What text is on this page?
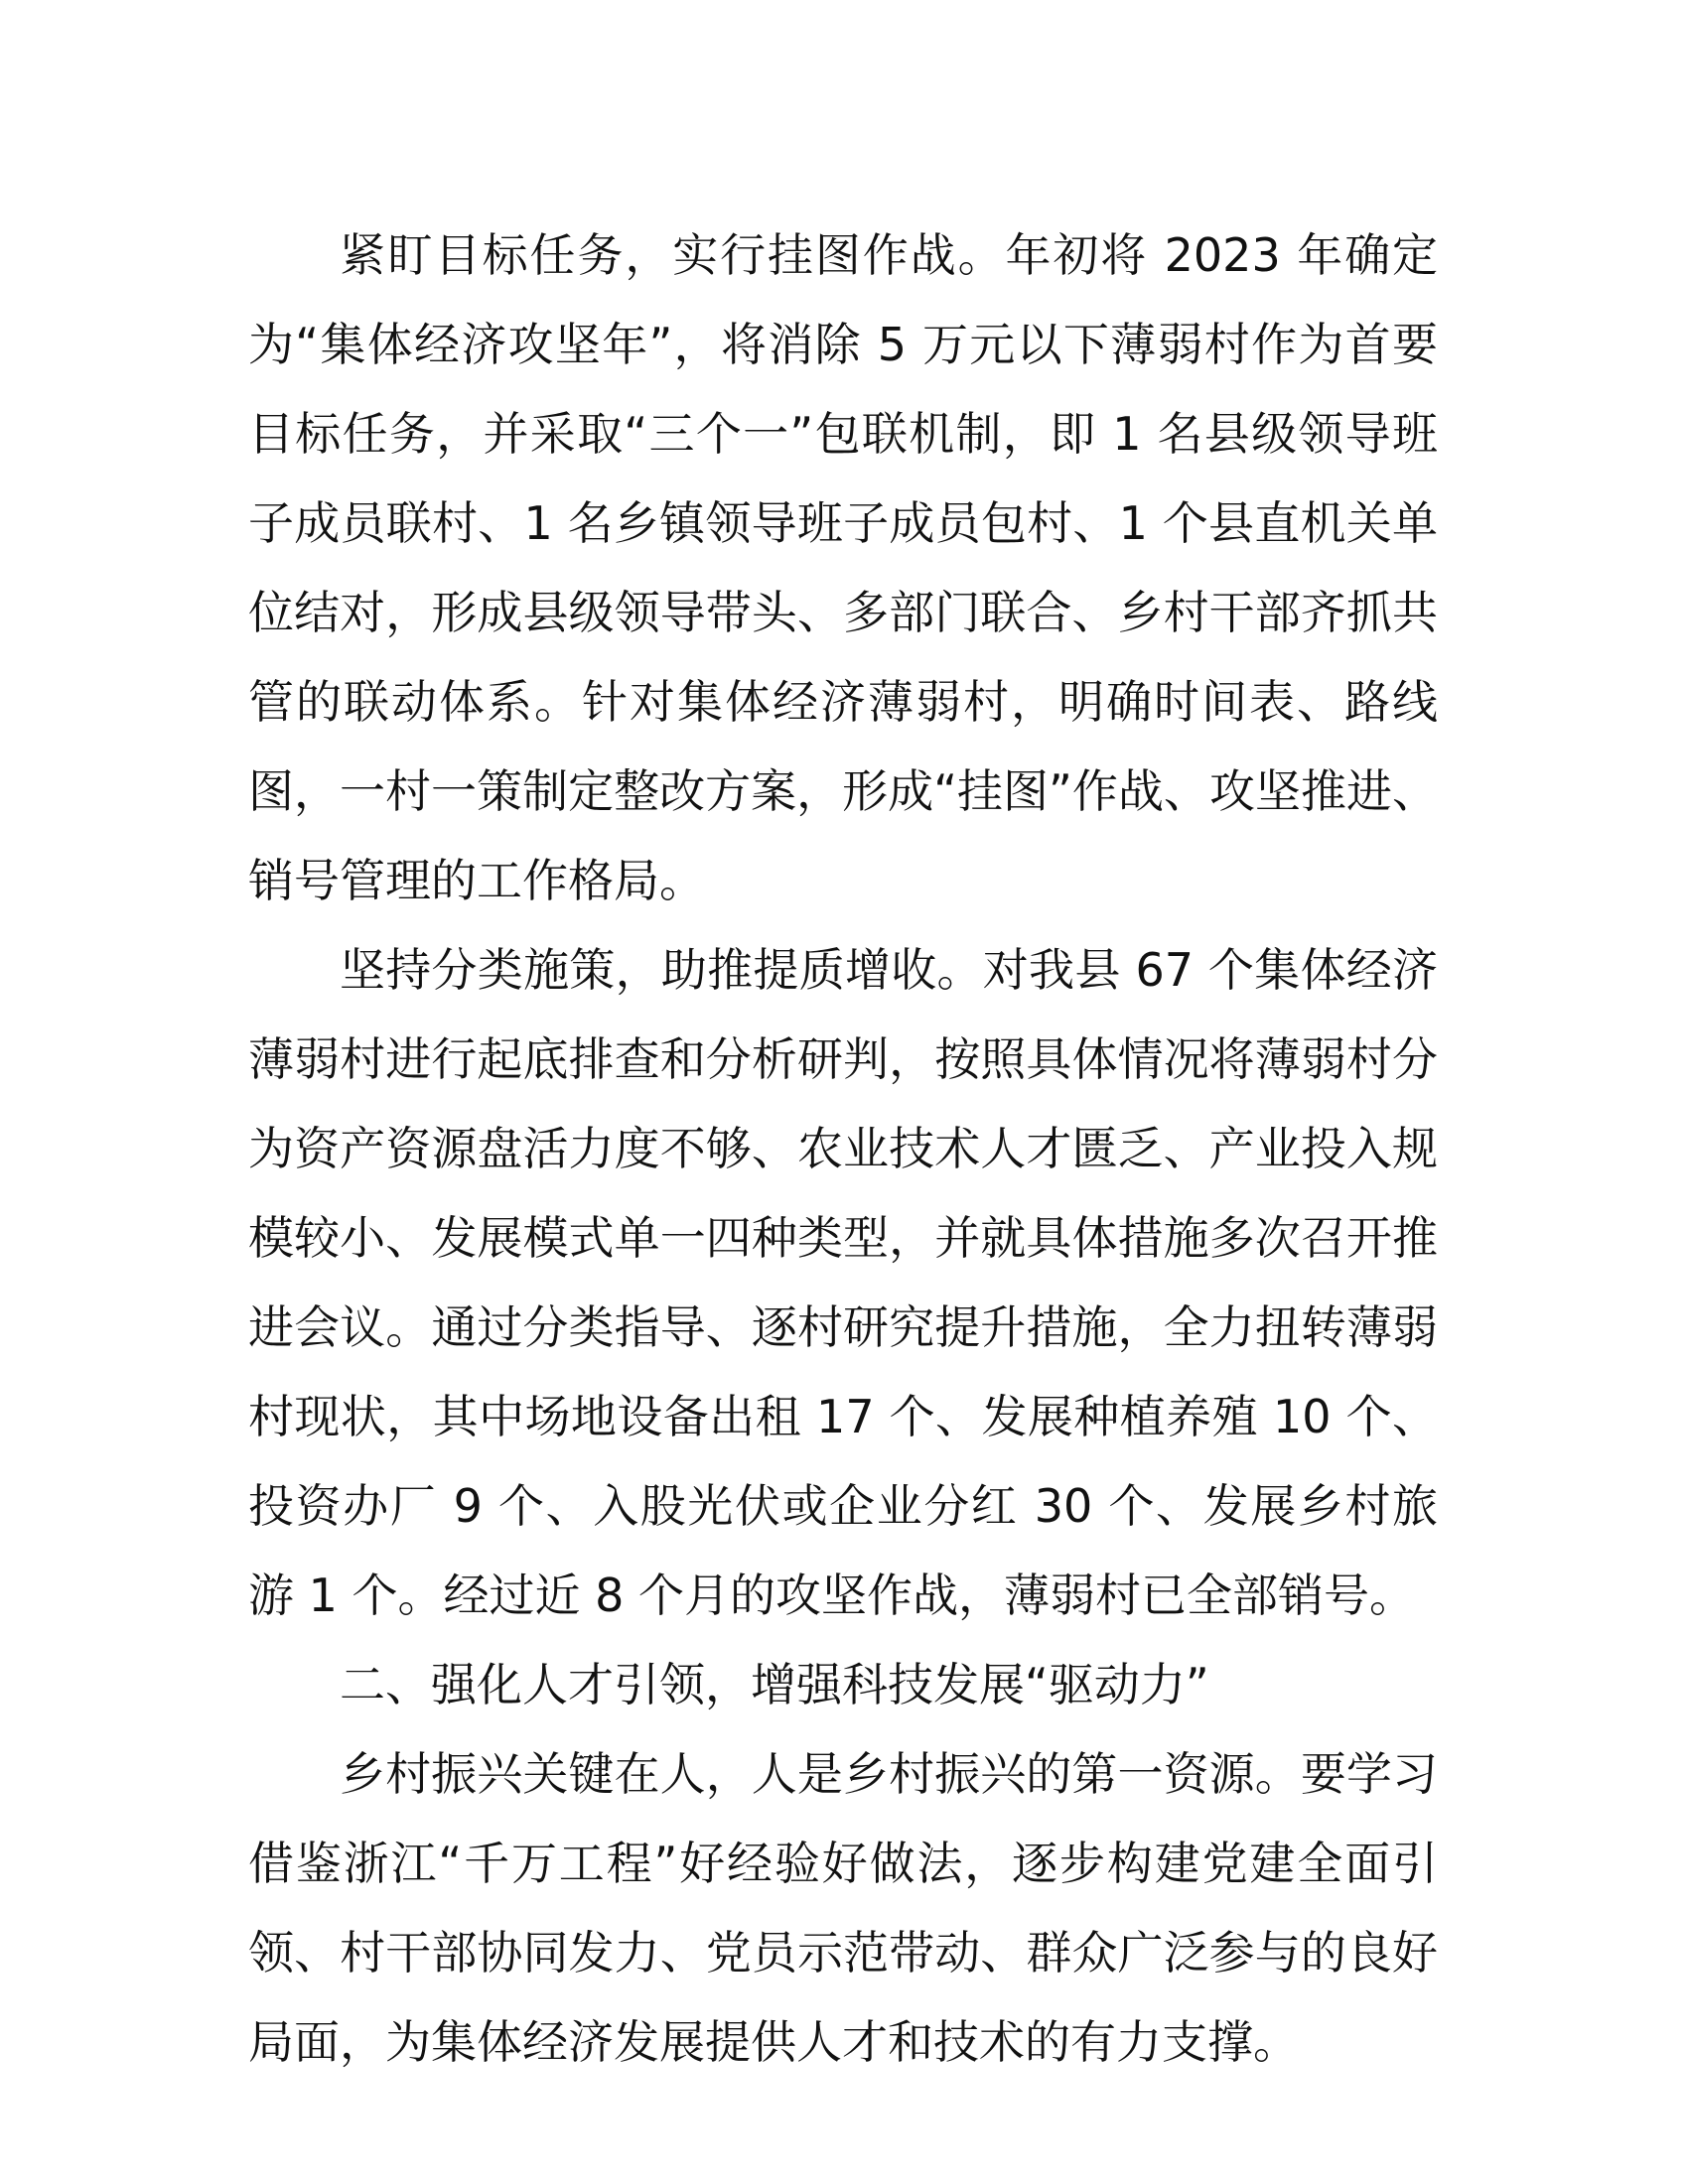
紧盯目标任务，实行挂图作战。年初将 2023 年确定为“集体经济攻坚年”，将消除 5 万元以下薄弱村作为首要目标任务，并采取“三个一”包联机制，即 1 名县级领导班子成员联村、1 名乡镇领导班子成员包村、1 个县直机关单位结对，形成县级领导带头、多部门联合、乡村干部齐抓共管的联动体系。针对集体经济薄弱村，明确时间表、路线图，一村一策制定整改方案，形成“挂图”作战、攻坚推进、销号管理的工作格局。

坚持分类施策，助推提质增收。对我县 67 个集体经济薄弱村进行起底排查和分析研判，按照具体情况将薄弱村分为资产资源盘活力度不够、农业技术人才匮乏、产业投入规模较小、发展模式单一四种类型，并就具体措施多次召开推进会议。通过分类指导、逐村研究提升措施，全力扭转薄弱村现状，其中场地设备出租 17 个、发展种植养殖 10 个、投资办厂 9 个、入股光伏或企业分红 30 个、发展乡村旅游 1 个。经过近 8 个月的攻坚作战，薄弱村已全部销号。

二、强化人才引领，增强科技发展“驱动力”

乡村振兴关键在人，人是乡村振兴的第一资源。要学习借鉴浙江“千万工程”好经验好做法，逐步构建党建全面引领、村干部协同发力、党员示范带动、群众广泛参与的良好局面，为集体经济发展提供人才和技术的有力支撑。
